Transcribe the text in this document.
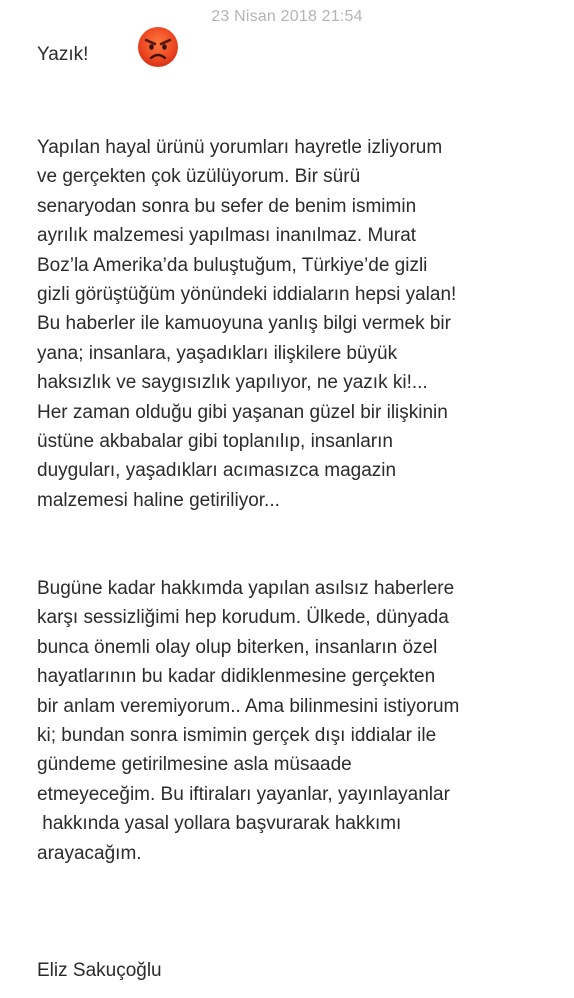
23 Nisan 2018 21:54
Yazık!
Yapılan hayal ürünü yorumları hayretle izliyorum
ve gerçekten çok üzülüyorum. Bir sürü
senaryodan sonra bu sefer de benim ismimin
ayrılık malzemesi yapılması inanılmaz. Murat
Boz’la Amerika’da buluştuğum, Türkiye’de gizli
gizli görüştüğüm yönündeki iddiaların hepsi yalan!
Bu haberler ile kamuoyuna yanlış bilgi vermek bir
yana; insanlara, yaşadıkları ilişkilere büyük
haksızlık ve saygısızlık yapılıyor, ne yazık ki!...
Her zaman olduğu gibi yaşanan güzel bir ilişkinin
üstüne akbabalar gibi toplanılıp, insanların
duyguları, yaşadıkları acımasızca magazin
malzemesi haline getiriliyor...
Bugüne kadar hakkımda yapılan asılsız haberlere
karşı sessizliğimi hep korudum. Ülkede, dünyada
bunca önemli olay olup biterken, insanların özel
hayatlarının bu kadar didiklenmesine gerçekten
bir anlam veremiyorum.. Ama bilinmesini istiyorum
ki; bundan sonra ismimin gerçek dışı iddialar ile
gündeme getirilmesine asla müsaade
etmeyeceğim. Bu iftiraları yayanlar, yayınlayanlar
hakkında yasal yollara başvurarak hakkımı
arayacağım.
Eliz Sakuçoğlu
